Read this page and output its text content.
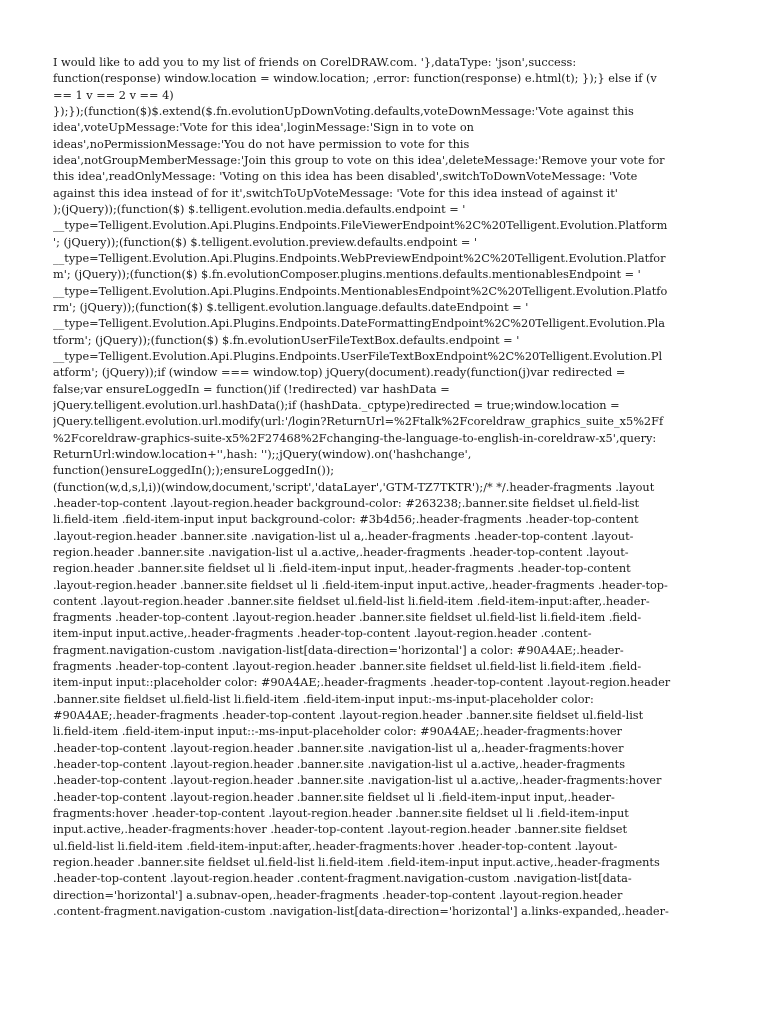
I would like to add you to my list of friends on CorelDRAW.com. '},dataType: 'json',success:
function(response) window.location = window.location; ,error: function(response) e.html(t); });} else if (v
== 1 v == 2 v == 4)
});});(function($)$.extend($.fn.evolutionUpDownVoting.defaults,voteDownMessage:'Vote against this
idea',voteUpMessage:'Vote for this idea',loginMessage:'Sign in to vote on
ideas',noPermissionMessage:'You do not have permission to vote for this
idea',notGroupMemberMessage:'Join this group to vote on this idea',deleteMessage:'Remove your vote for
this idea',readOnlyMessage: 'Voting on this idea has been disabled',switchToDownVoteMessage: 'Vote
against this idea instead of for it',switchToUpVoteMessage: 'Vote for this idea instead of against it'
);(jQuery));(function($) $.telligent.evolution.media.defaults.endpoint = '
__type=Telligent.Evolution.Api.Plugins.Endpoints.FileViewerEndpoint%2C%20Telligent.Evolution.Platform
'; (jQuery));(function($) $.telligent.evolution.preview.defaults.endpoint = '
__type=Telligent.Evolution.Api.Plugins.Endpoints.WebPreviewEndpoint%2C%20Telligent.Evolution.Platfor
m'; (jQuery));(function($) $.fn.evolutionComposer.plugins.mentions.defaults.mentionablesEndpoint = '
__type=Telligent.Evolution.Api.Plugins.Endpoints.MentionablesEndpoint%2C%20Telligent.Evolution.Platfo
rm'; (jQuery));(function($) $.telligent.evolution.language.defaults.dateEndpoint = '
__type=Telligent.Evolution.Api.Plugins.Endpoints.DateFormattingEndpoint%2C%20Telligent.Evolution.Pla
tform'; (jQuery));(function($) $.fn.evolutionUserFileTextBox.defaults.endpoint = '
__type=Telligent.Evolution.Api.Plugins.Endpoints.UserFileTextBoxEndpoint%2C%20Telligent.Evolution.Pl
atform'; (jQuery));if (window === window.top) jQuery(document).ready(function(j)var redirected =
false;var ensureLoggedIn = function()if (!redirected) var hashData =
jQuery.telligent.evolution.url.hashData();if (hashData._cptype)redirected = true;window.location =
jQuery.telligent.evolution.url.modify(url:'/login?ReturnUrl=%2Ftalk%2Fcoreldraw_graphics_suite_x5%2Ff
%2Fcoreldraw-graphics-suite-x5%2F27468%2Fchanging-the-language-to-english-in-coreldraw-x5',query:
ReturnUrl:window.location+'',hash: '');;jQuery(window).on('hashchange',
function()ensureLoggedIn(););ensureLoggedIn());
(function(w,d,s,l,i))(window,document,'script','dataLayer','GTM-TZ7TKTR');/* */.header-fragments .layout
.header-top-content .layout-region.header background-color: #263238;.banner.site fieldset ul.field-list
li.field-item .field-item-input input background-color: #3b4d56;.header-fragments .header-top-content
.layout-region.header .banner.site .navigation-list ul a,.header-fragments .header-top-content .layout-
region.header .banner.site .navigation-list ul a.active,.header-fragments .header-top-content .layout-
region.header .banner.site fieldset ul li .field-item-input input,.header-fragments .header-top-content
.layout-region.header .banner.site fieldset ul li .field-item-input input.active,.header-fragments .header-top-
content .layout-region.header .banner.site fieldset ul.field-list li.field-item .field-item-input:after,.header-
fragments .header-top-content .layout-region.header .banner.site fieldset ul.field-list li.field-item .field-
item-input input.active,.header-fragments .header-top-content .layout-region.header .content-
fragment.navigation-custom .navigation-list[data-direction='horizontal'] a color: #90A4AE;.header-
fragments .header-top-content .layout-region.header .banner.site fieldset ul.field-list li.field-item .field-
item-input input::placeholder color: #90A4AE;.header-fragments .header-top-content .layout-region.header
.banner.site fieldset ul.field-list li.field-item .field-item-input input:-ms-input-placeholder color:
#90A4AE;.header-fragments .header-top-content .layout-region.header .banner.site fieldset ul.field-list
li.field-item .field-item-input input::-ms-input-placeholder color: #90A4AE;.header-fragments:hover
.header-top-content .layout-region.header .banner.site .navigation-list ul a,.header-fragments:hover
.header-top-content .layout-region.header .banner.site .navigation-list ul a.active,.header-fragments
.header-top-content .layout-region.header .banner.site .navigation-list ul a.active,.header-fragments:hover
.header-top-content .layout-region.header .banner.site fieldset ul li .field-item-input input,.header-
fragments:hover .header-top-content .layout-region.header .banner.site fieldset ul li .field-item-input
input.active,.header-fragments:hover .header-top-content .layout-region.header .banner.site fieldset
ul.field-list li.field-item .field-item-input:after,.header-fragments:hover .header-top-content .layout-
region.header .banner.site fieldset ul.field-list li.field-item .field-item-input input.active,.header-fragments
.header-top-content .layout-region.header .content-fragment.navigation-custom .navigation-list[data-
direction='horizontal'] a.subnav-open,.header-fragments .header-top-content .layout-region.header
.content-fragment.navigation-custom .navigation-list[data-direction='horizontal'] a.links-expanded,.header-
